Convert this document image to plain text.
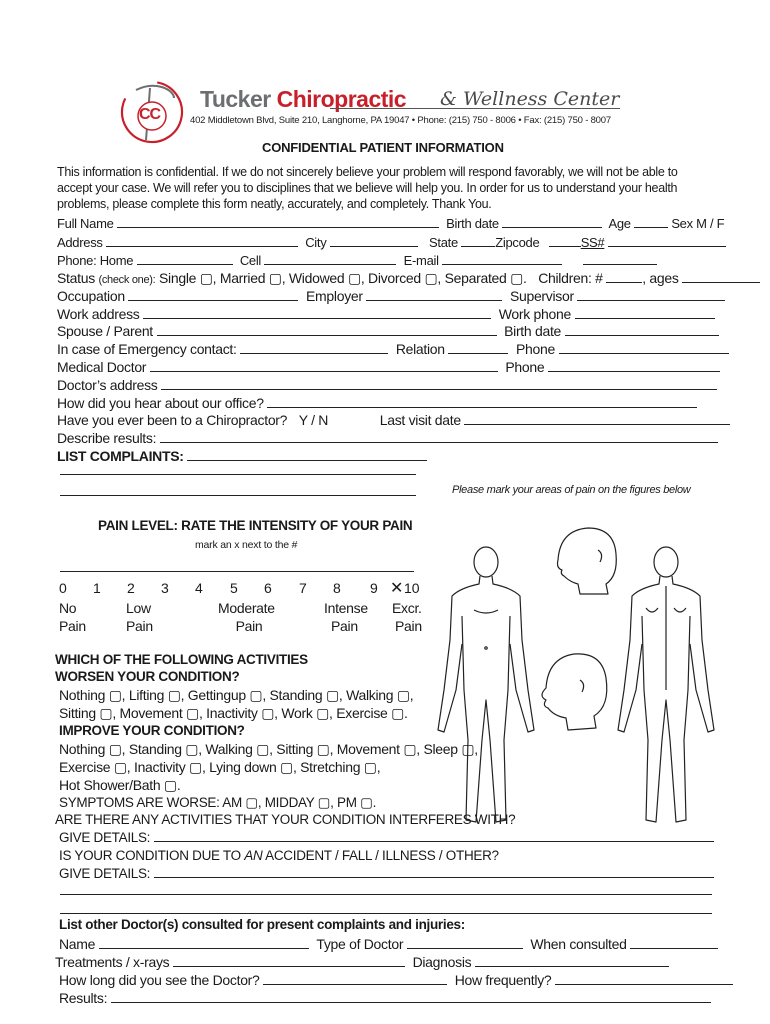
CC
Tucker Chiropractic & Wellness Center
402 Middletown Blvd, Suite 210, Langhorne, PA 19047 • Phone: (215) 750 - 8006 • Fax: (215) 750 - 8007
CONFIDENTIAL PATIENT INFORMATION
This information is confidential. If we do not sincerely believe your problem will respond favorably, we will not be able to
accept your case. We will refer you to disciplines that we believe will help you. In order for us to understand your health
problems, please complete this form neatly, accurately, and completely. Thank You.
Full Name	Birth date	Age	Sex M / F
Address	City	State	Zipcode	SS#
Phone: Home	Cell	E-mail
Status (check one): Single ▢, Married ▢, Widowed ▢, Divorced ▢, Separated ▢. Children: #	, ages
Occupation	Employer	Supervisor
Work address	Work phone
Spouse / Parent	Birth date
In case of Emergency contact:	Relation	Phone
Medical Doctor	Phone
Doctor’s address
How did you hear about our office?
Have you ever been to a Chiropractor? Y / N	Last visit date
Describe results:
LIST COMPLAINTS:
Please mark your areas of pain on the figures below
PAIN LEVEL: RATE THE INTENSITY OF YOUR PAIN
mark an x next to the #
0 1 2 3 4 5 6 7 8 9 ✕ 10
No
Pain
Low
Pain
Moderate
Pain
Intense
Pain
Excr.
Pain
WHICH OF THE FOLLOWING ACTIVITIES
WORSEN YOUR CONDITION?
Nothing ▢, Lifting ▢, Gettingup ▢, Standing ▢, Walking ▢,
Sitting ▢, Movement ▢, Inactivity ▢, Work ▢, Exercise ▢.
IMPROVE YOUR CONDITION?
Nothing ▢, Standing ▢, Walking ▢, Sitting ▢, Movement ▢, Sleep ▢,
Exercise ▢, Inactivity ▢, Lying down ▢, Stretching ▢,
Hot Shower/Bath ▢.
SYMPTOMS ARE WORSE: AM ▢, MIDDAY ▢, PM ▢.
ARE THERE ANY ACTIVITIES THAT YOUR CONDITION INTERFERES WITH?
GIVE DETAILS:
IS YOUR CONDITION DUE TO AN ACCIDENT / FALL / ILLNESS / OTHER?
GIVE DETAILS:
List other Doctor(s) consulted for present complaints and injuries:
Name	Type of Doctor	When consulted
Treatments / x-rays	Diagnosis
How long did you see the Doctor?	How frequently?
Results:
